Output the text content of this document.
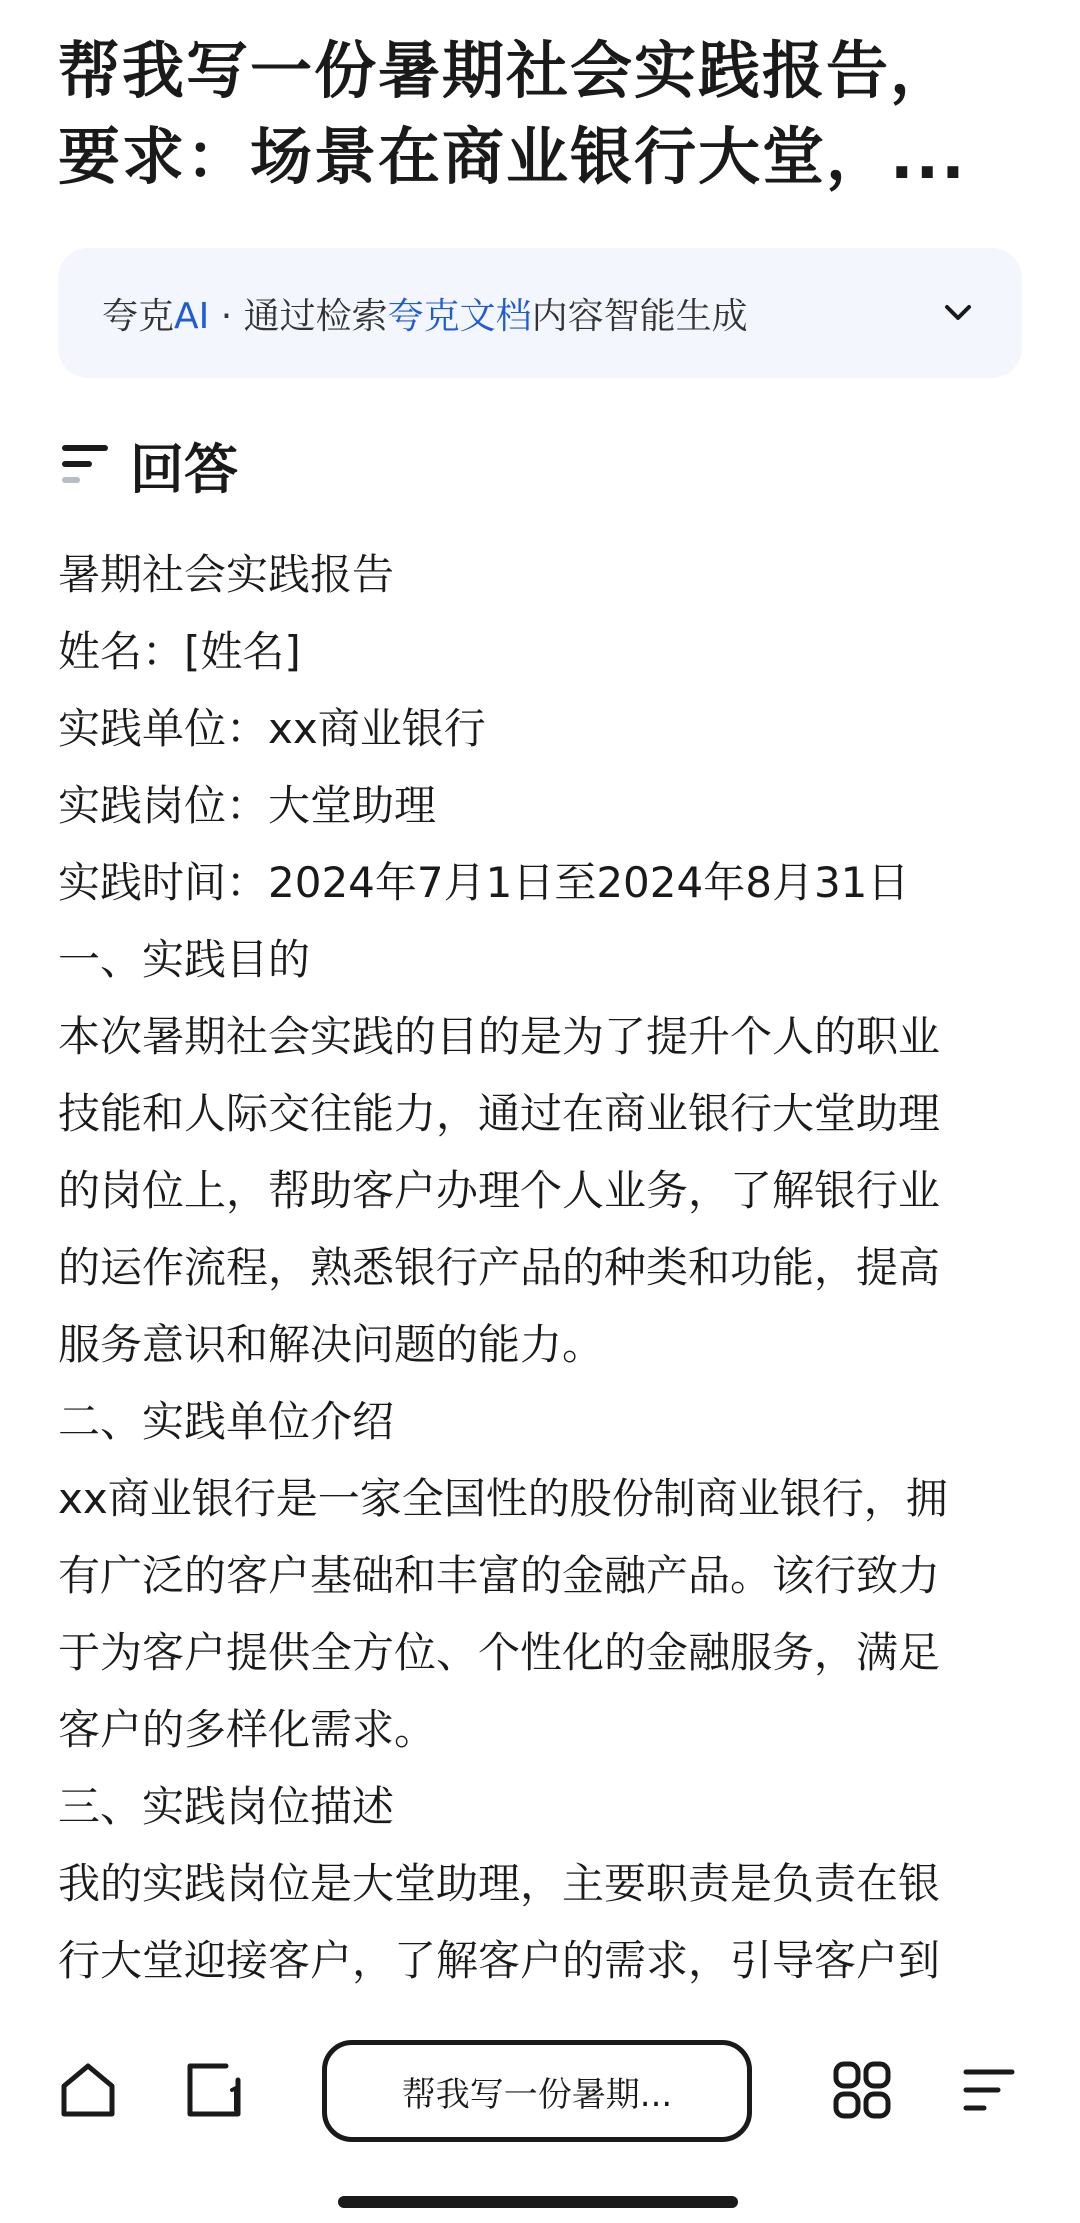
帮我写一份暑期社会实践报告，
要求：场景在商业银行大堂，...
夸克AI · 通过检索夸克文档内容智能生成
回答

暑期社会实践报告

姓名：[姓名]

实践单位：xx商业银行

实践岗位：大堂助理

实践时间：2024年7月1日至2024年8月31日

一、实践目的

本次暑期社会实践的目的是为了提升个人的职业

技能和人际交往能力，通过在商业银行大堂助理

的岗位上，帮助客户办理个人业务，了解银行业

的运作流程，熟悉银行产品的种类和功能，提高

服务意识和解决问题的能力。

二、实践单位介绍

xx商业银行是一家全国性的股份制商业银行，拥

有广泛的客户基础和丰富的金融产品。该行致力

于为客户提供全方位、个性化的金融服务，满足

客户的多样化需求。

三、实践岗位描述

我的实践岗位是大堂助理，主要职责是负责在银

行大堂迎接客户，了解客户的需求，引导客户到

帮我写一份暑期...
